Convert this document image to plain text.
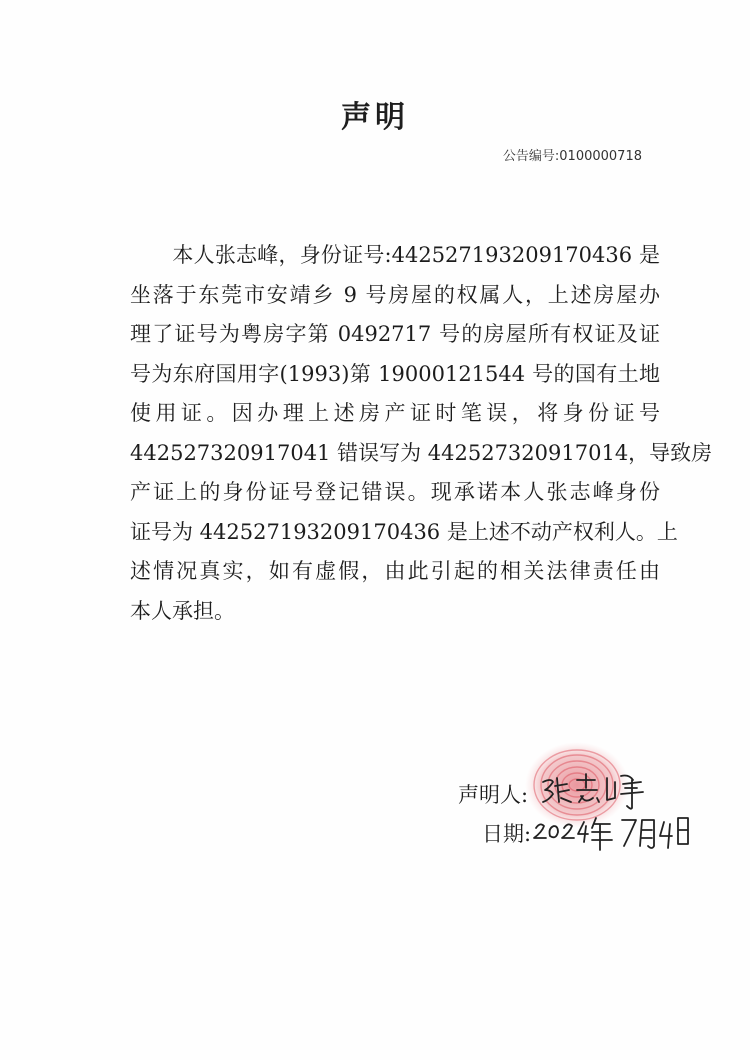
声明
公告编号:0100000718
　　本人张志峰，身份证号:442527193209170436 是
坐落于东莞市安靖乡 9 号房屋的权属人，上述房屋办
理了证号为粤房字第 0492717 号的房屋所有权证及证
号为东府国用字(1993)第 19000121544 号的国有土地
使用证。因办理上述房产证时笔误，将身份证号
442527320917041 错误写为 442527320917014，导致房
产证上的身份证号登记错误。现承诺本人张志峰身份
证号为 442527193209170436 是上述不动产权利人。上
述情况真实，如有虚假，由此引起的相关法律责任由
本人承担。
声明人:
日期:
